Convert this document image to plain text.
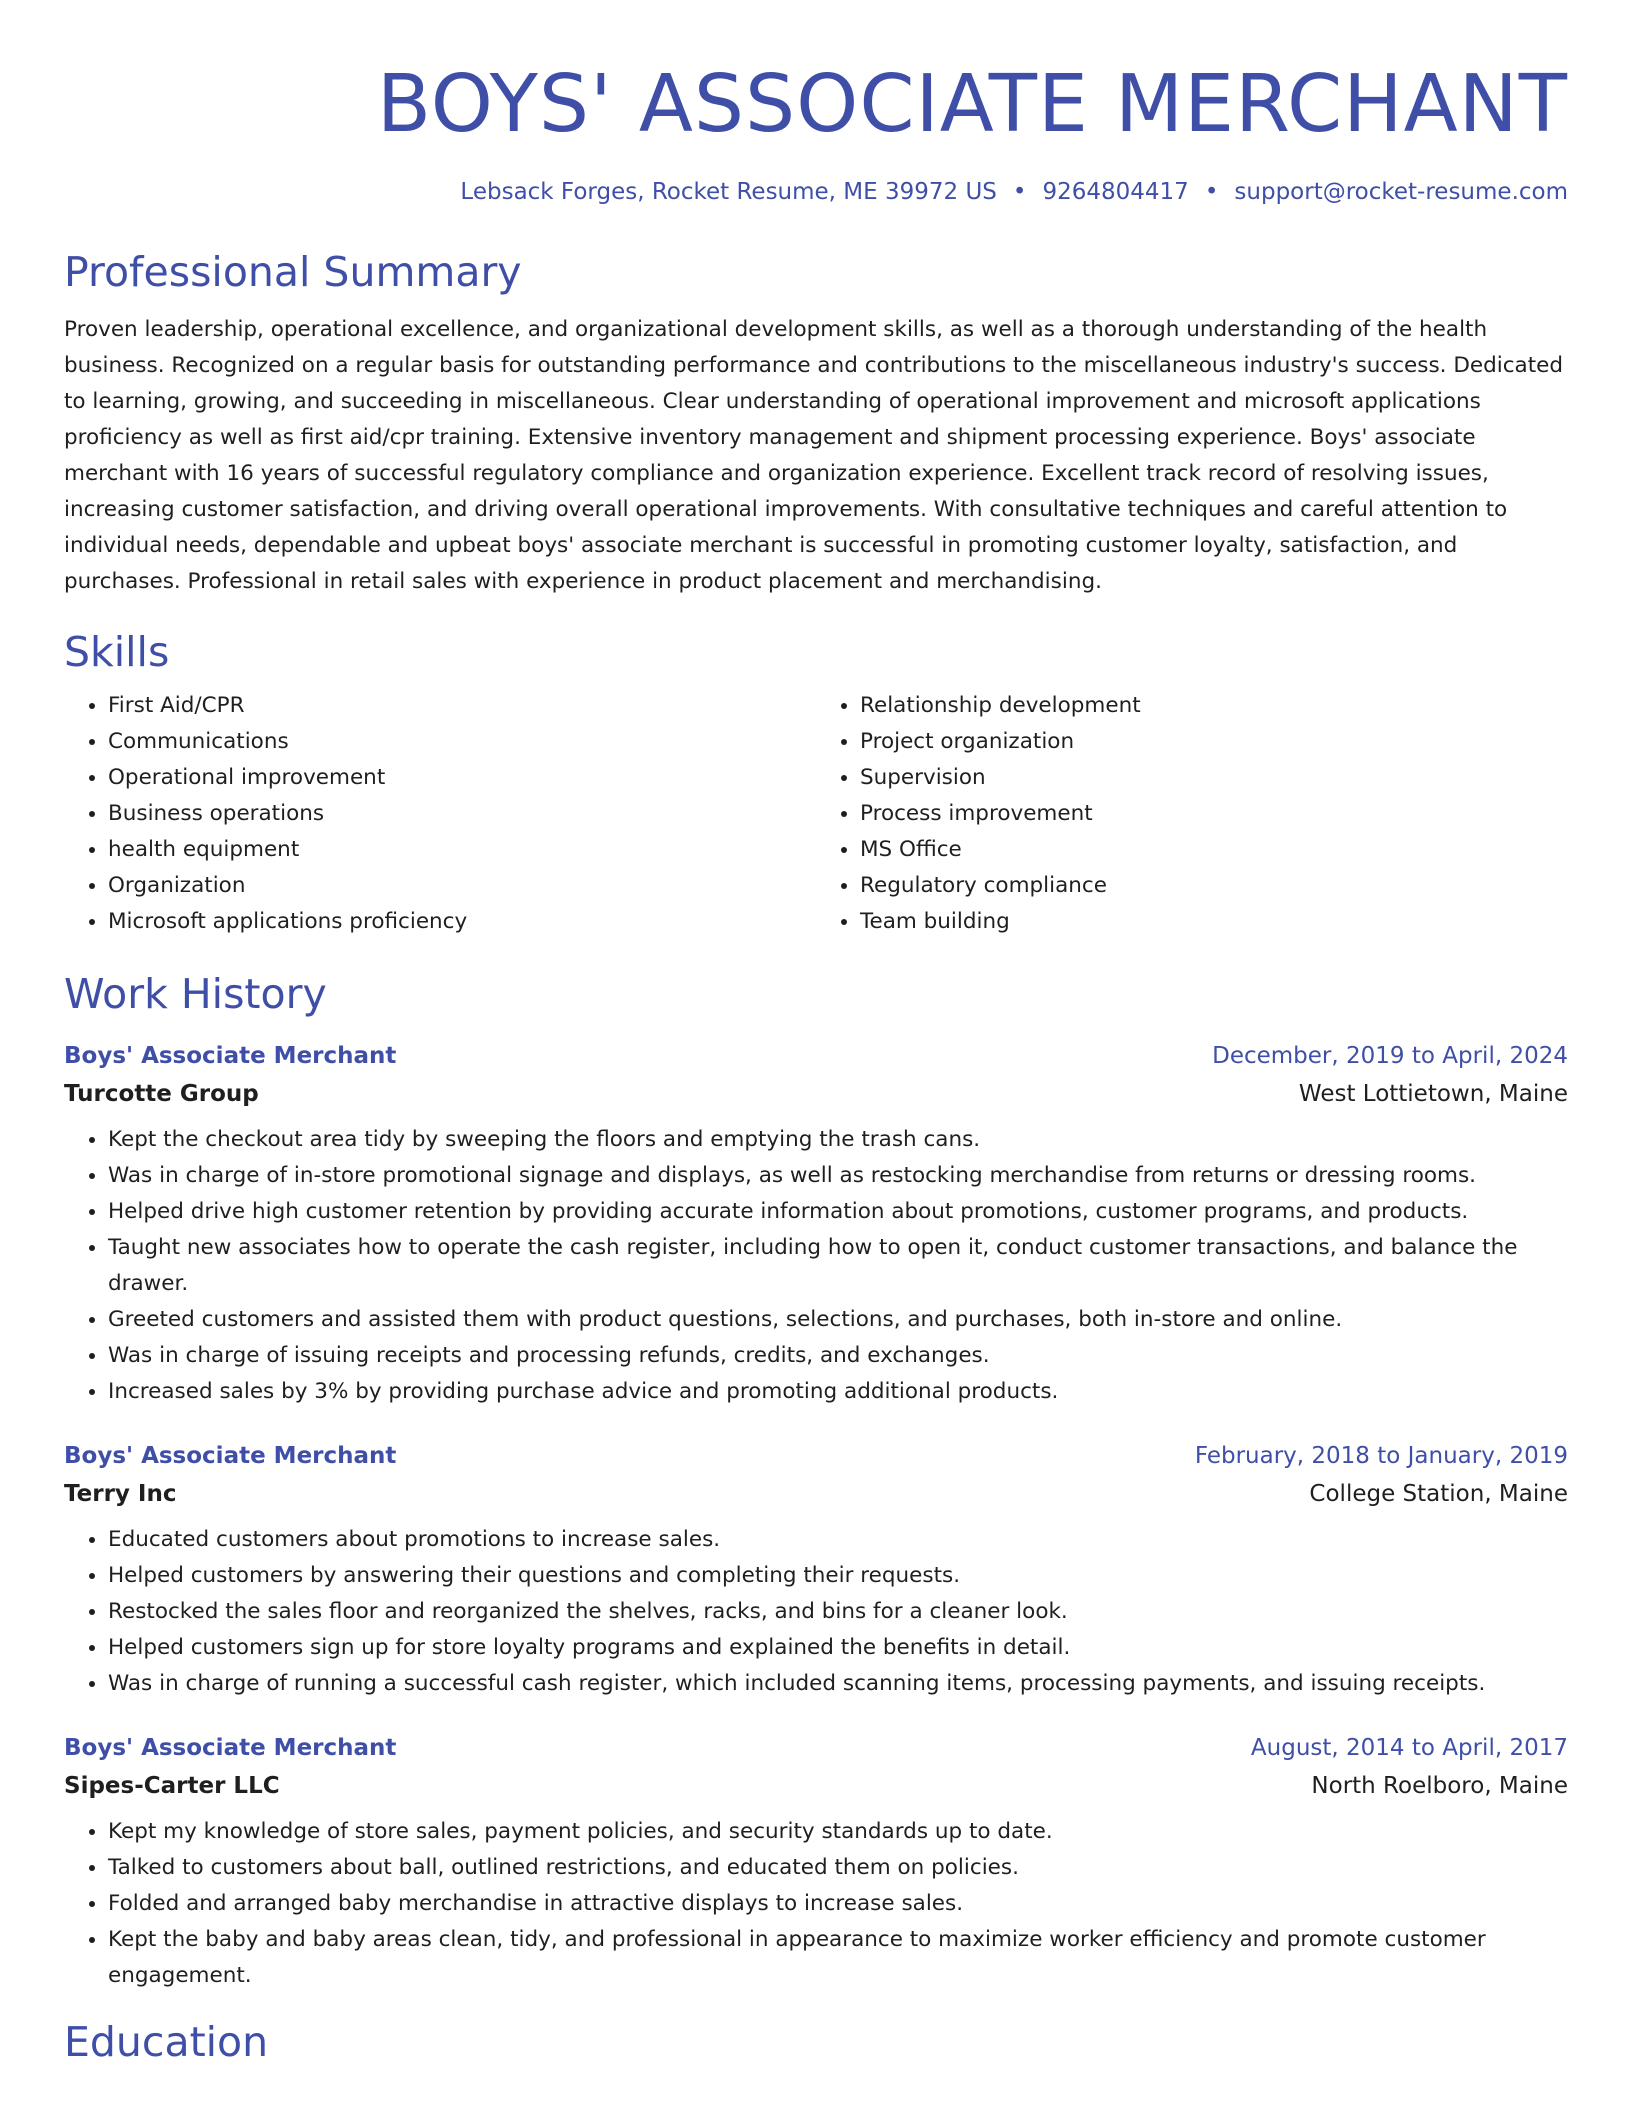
BOYS' ASSOCIATE MERCHANT
Lebsack Forges, Rocket Resume, ME 39972 US • 9264804417 • support@rocket-resume.com
Professional Summary

Proven leadership, operational excellence, and organizational development skills, as well as a thorough understanding of the health business. Recognized on a regular basis for outstanding performance and contributions to the miscellaneous industry's success. Dedicated to learning, growing, and succeeding in miscellaneous. Clear understanding of operational improvement and microsoft applications proficiency as well as first aid/cpr training. Extensive inventory management and shipment processing experience. Boys' associate merchant with 16 years of successful regulatory compliance and organization experience. Excellent track record of resolving issues, increasing customer satisfaction, and driving overall operational improvements. With consultative techniques and careful attention to individual needs, dependable and upbeat boys' associate merchant is successful in promoting customer loyalty, satisfaction, and purchases. Professional in retail sales with experience in product placement and merchandising.

Skills
• First Aid/CPR
• Communications
• Operational improvement
• Business operations
• health equipment
• Organization
• Microsoft applications proficiency
• Relationship development
• Project organization
• Supervision
• Process improvement
• MS Office
• Regulatory compliance
• Team building
Work History
Boys' Associate Merchant	December, 2019 to April, 2024
Turcotte Group	West Lottietown, Maine
• Kept the checkout area tidy by sweeping the floors and emptying the trash cans.
• Was in charge of in-store promotional signage and displays, as well as restocking merchandise from returns or dressing rooms.
• Helped drive high customer retention by providing accurate information about promotions, customer programs, and products.
• Taught new associates how to operate the cash register, including how to open it, conduct customer transactions, and balance the drawer.
• Greeted customers and assisted them with product questions, selections, and purchases, both in-store and online.
• Was in charge of issuing receipts and processing refunds, credits, and exchanges.
• Increased sales by 3% by providing purchase advice and promoting additional products.
Boys' Associate Merchant	February, 2018 to January, 2019
Terry Inc	College Station, Maine
• Educated customers about promotions to increase sales.
• Helped customers by answering their questions and completing their requests.
• Restocked the sales floor and reorganized the shelves, racks, and bins for a cleaner look.
• Helped customers sign up for store loyalty programs and explained the benefits in detail.
• Was in charge of running a successful cash register, which included scanning items, processing payments, and issuing receipts.
Boys' Associate Merchant	August, 2014 to April, 2017
Sipes-Carter LLC	North Roelboro, Maine
• Kept my knowledge of store sales, payment policies, and security standards up to date.
• Talked to customers about ball, outlined restrictions, and educated them on policies.
• Folded and arranged baby merchandise in attractive displays to increase sales.
• Kept the baby and baby areas clean, tidy, and professional in appearance to maximize worker efficiency and promote customer engagement.
Education
